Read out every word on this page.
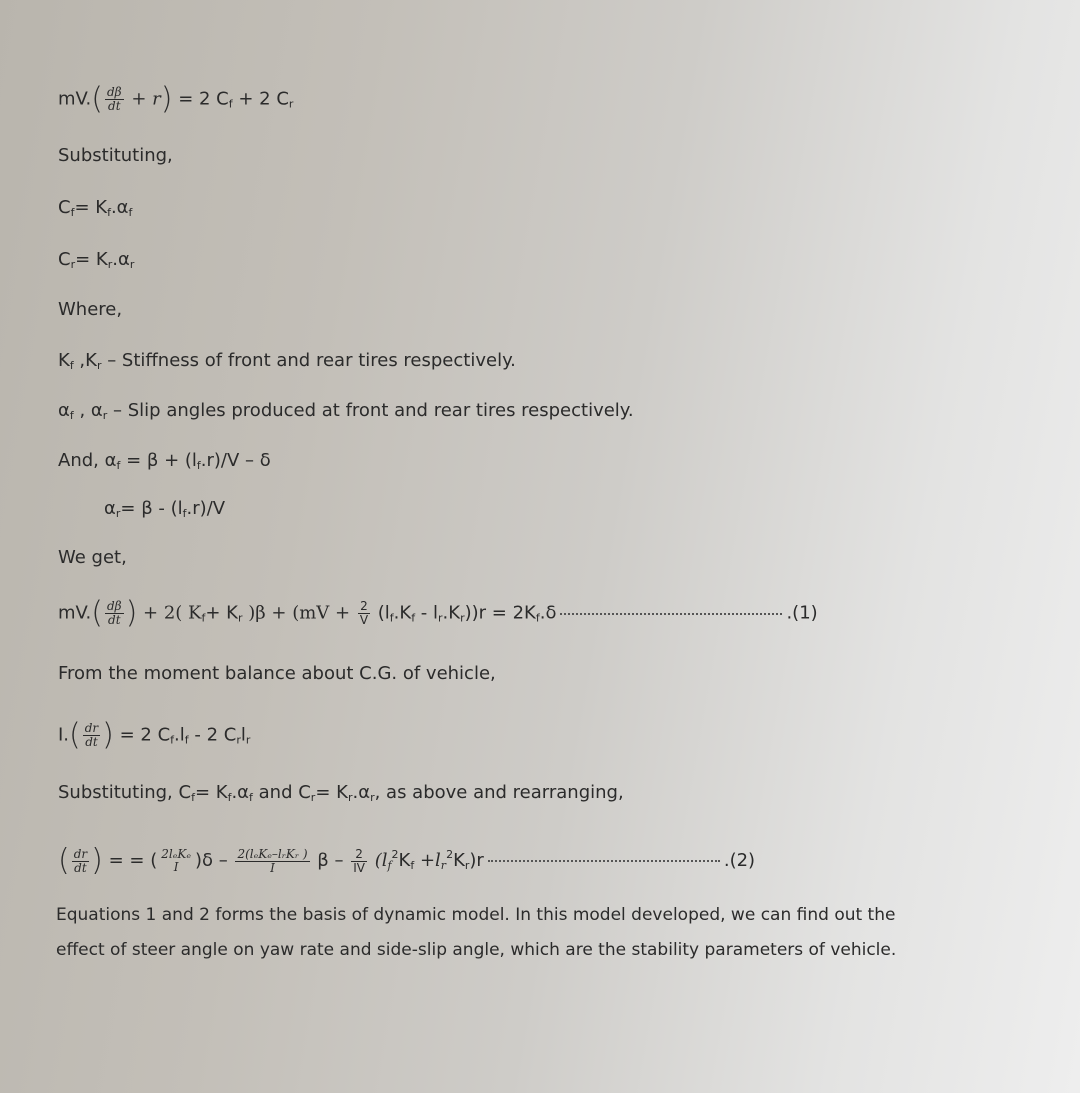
$mV.( \frac{d\beta}{dt} + r) = 2$ $C_f + 2$ $C_r$
Substituting,
$C_f= K_f.\alpha_f$
$C_r= K_r.\alpha_r$
Where,
$K_f$ $,K_r$ – Stiffness of front and rear tires respectively.
$\alpha_f$ , $\alpha_r$ – Slip angles produced at front and rear tires respectively.
And, $\alpha_f = \beta + (l_f.r)/V - \delta$
$\alpha_r= \beta - (l_f.r)/V$
We get,
$mV.( \frac{d\beta}{dt}$ ) + 2( $K_f+ K_r$ )$\beta + (mV + \frac{2}{V} (l_f.K_f - l_r.K_r))r = 2K_f.\delta$	.(1)
From the moment balance about C.G. of vehicle,
$I.( \frac{dr}{dt}$ ) = 2 $C_f.l_f - 2$ $C_rl_r$
Substituting, $C_f= K_f.\alpha_f$ and $C_r= K_r.\alpha_r$, as above and rearranging,
( $\frac{dr}{dt}$ ) = = ( 2lₑKₑ
I )$\delta - \frac{\text{2(lₑKₑ–lᵣKᵣ )}}{I}$ $\beta - \frac{2}{IV} (l_f^2K_f +l_r^2K_r)r$	.(2)
Equations 1 and 2 forms the basis of dynamic model. In this model developed, we can find out the effect of steer angle on yaw rate and side-slip angle, which are the stability parameters of vehicle.
